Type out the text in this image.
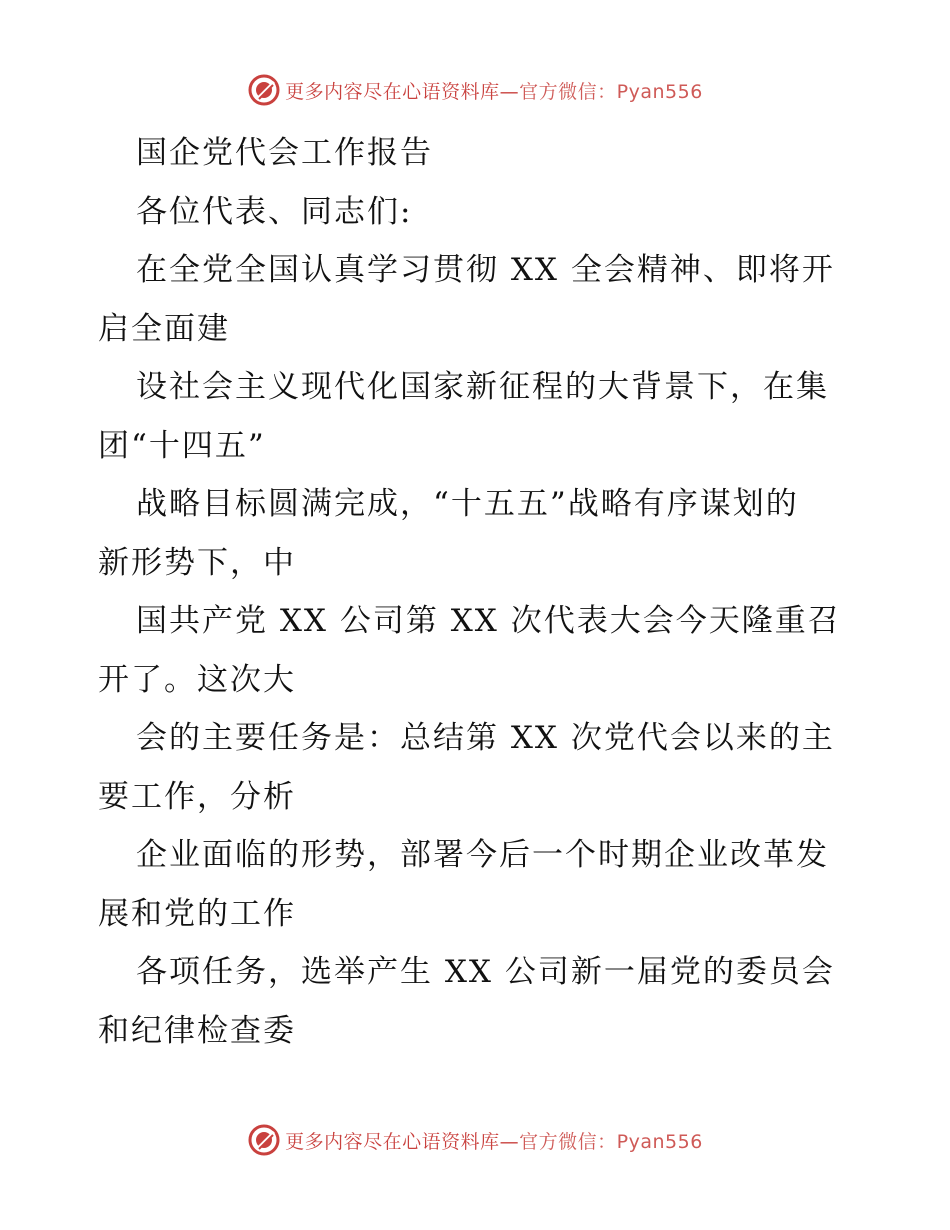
更多内容尽在心语资料库—官方微信：Pyan556
国企党代会工作报告
各位代表、同志们:
在全党全国认真学习贯彻 XX 全会精神、即将开
启全面建
设社会主义现代化国家新征程的大背景下，在集
团“十四五”
战略目标圆满完成，“十五五”战略有序谋划的
新形势下，中
国共产党 XX 公司第 XX 次代表大会今天隆重召
开了。这次大
会的主要任务是：总结第 XX 次党代会以来的主
要工作，分析
企业面临的形势，部署今后一个时期企业改革发
展和党的工作
各项任务，选举产生 XX 公司新一届党的委员会
和纪律检查委
更多内容尽在心语资料库—官方微信：Pyan556
